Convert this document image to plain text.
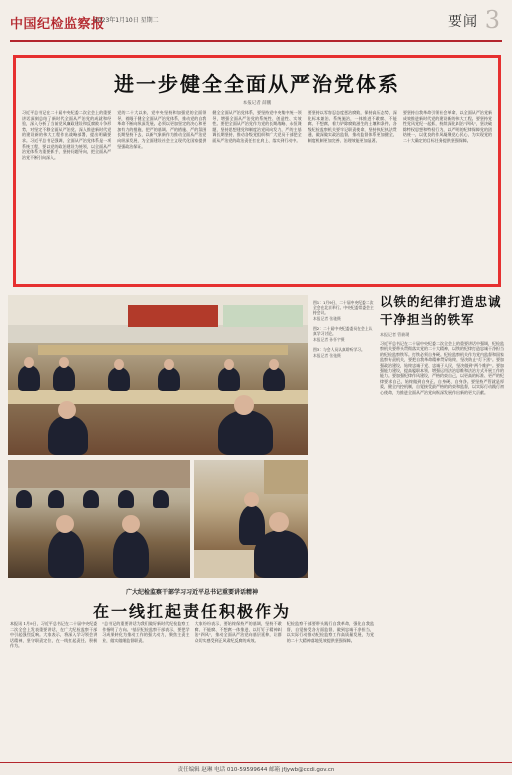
中国纪检监察报
2023年1月10日 星期二	要闻 3
进一步健全全面从严治党体系
本报记者 薛鹏
习近平总书记在二十届中央纪委二次全会上的重要讲话深刻总结了新时代全面从严治党的成就和经验，深入分析了当前党风廉政建设和反腐败斗争形势，对坚定不移全面从严治党、深入推进新时代党的建设新的伟大工程作出战略部署，提出明确要求。习近平总书记强调，全面从严治党体系是一项系统工程，要以党的政治建设为统领，以全面从严治党体系为重要抓手，坚持问题导向，把全面从严治党不断引向深入。
党的二十大以来，党中央坚持和加强党的全面领导，着眼于健全全面从严治党体系，推动党的自我革命不断向纵深发展。必须以更加坚定的决心和更加有力的措施，把严的基调、严的措施、严的氛围长期坚持下去，以新气象新作为推动全面从严治党向纵深发展，为全面建设社会主义现代化国家提供坚强政治保证。
健全全面从严治党体系，要坚持党中央集中统一领导，增强全面从严治党的系统性、创造性、实效性。要把全面从严治党作为党的长期战略、永恒课题，坚持思想建党和制度治党同向发力，严的主基调长期坚持，推动各级党组织和广大党员干部把全面从严治党的政治责任扛在肩上、落实到行动中。
要坚持以零容忍态度惩治腐败，保持高压态势，深化标本兼治、系统施治，一体推进不敢腐、不能腐、不想腐，着力铲除腐败滋生的土壤和条件。各级纪检监察机关要牢记职责使命，坚持执纪执法贯通，做深做实政治监督，推动监督体系更加健全、制度机制更加完善、治理效能更加显著。
要坚持自我革命引领社会革命，以全面从严治党新成效推进新时代党的建设新的伟大工程。要坚持党性党风党纪一起抓，持续深化纠治"四风"，坚决破除特权思想和特权行为，以严明的纪律保障党的团结统一，以优良的作风凝聚党心民心，为实现党的二十大确定的目标任务提供坚强保障。
图1：1月9日，二十届中央纪委二次全会在北京举行。中央纪委常委会主持会议。
本报记者 张驰摄
图2：二十届中央纪委委员在会上认真学习讨论。
本报记者 孙怀宇摄
图3：与会人员认真聆听学习。
本报记者 张弛摄
以铁的纪律打造忠诚干净担当的铁军
本报记者 管筱璞
习近平总书记在二十届中央纪委二次全会上的重要讲话中强调，纪检监察机关要带头贯彻落实党的二十大精神，以铁的纪律打造忠诚干净担当的纪检监察铁军。打铁必须自身硬。纪检监察机关作为党内监督和国家监察专责机关，要把自我革命精神贯穿始终，坚决防止"灯下黑"。要加强政治建设，始终忠诚于党、忠诚于人民，坚决做到"两个维护"。要加强能力建设，提高履职本领，增强运用法治思维和法治方式开展工作的能力。要加强纪律作风建设，严格约束自己，以更高的标准、更严的纪律要求自己，始终做到自身正、自身硬、自身净。要坚持严管就是厚爱，健全内控机制，自觉接受最严格的约束和监督，以实际行动践行初心使命，为推进全面从严治党向纵深发展作出新的更大贡献。
广大纪检监察干部学习习近平总书记重要讲话精神
在一线扛起责任积极作为
本报讯 1月9日，习近平总书记在二十届中央纪委二次全会上发表重要讲话，在广大纪检监察干部中引起强烈反响。大家表示，将深入学习领会讲话精神，坚守职责定位，在一线扛起责任、积极作为。
"总书记的重要讲话为我们做好新时代纪检监察工作指明了方向。"基层纪检监察干部表示，要把学习成果转化为推动工作的强大动力，聚焦主责主业，做实做细监督职责。
大家纷纷表示，要始终保持严的基调，坚持不敢腐、不能腐、不想腐一体推进，以钉钉子精神纠治"四风"，推动全面从严治党向基层延伸，让群众切实感受到正风肃纪反腐的成效。
纪检监察干部要带头践行自我革命，强化自我监督，自觉接受各方面监督，做到忠诚干净担当，以实际行动推动纪检监察工作高质量发展，为党的二十大精神落地见效提供坚强保障。
责任编辑 赵琳 电话 010-59599644 邮箱 jfjywb@ccdi.gov.cn
